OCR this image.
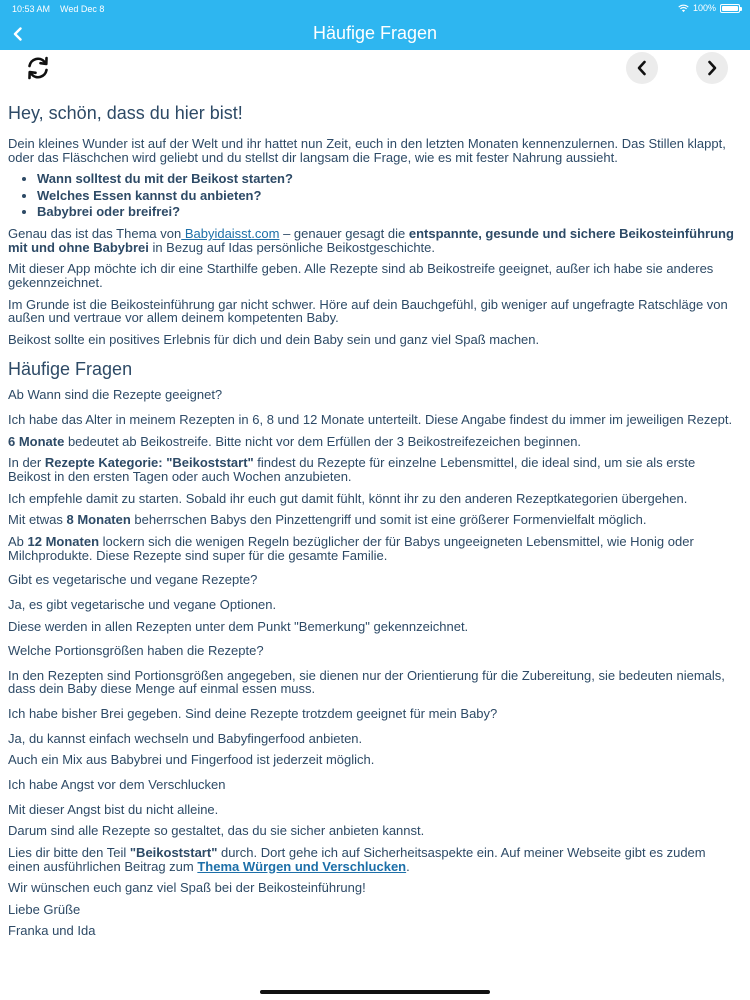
10:53 AM Wed Dec 8	100%
Häufige Fragen
Hey, schön, dass du hier bist!

Dein kleines Wunder ist auf der Welt und ihr hattet nun Zeit, euch in den letzten Monaten kennenzulernen. Das Stillen klappt, oder das Fläschchen wird geliebt und du stellst dir langsam die Frage, wie es mit fester Nahrung aussieht.

• Wann solltest du mit der Beikost starten?
• Welches Essen kannst du anbieten?
• Babybrei oder breifrei?

Genau das ist das Thema von Babyidaisst.com – genauer gesagt die entspannte, gesunde und sichere Beikosteinführung mit und ohne Babybrei in Bezug auf Idas persönliche Beikostgeschichte.

Mit dieser App möchte ich dir eine Starthilfe geben. Alle Rezepte sind ab Beikostreife geeignet, außer ich habe sie anderes gekennzeichnet.

Im Grunde ist die Beikosteinführung gar nicht schwer. Höre auf dein Bauchgefühl, gib weniger auf ungefragte Ratschläge von außen und vertraue vor allem deinem kompetenten Baby.

Beikost sollte ein positives Erlebnis für dich und dein Baby sein und ganz viel Spaß machen.

Häufige Fragen

Ab Wann sind die Rezepte geeignet?

Ich habe das Alter in meinem Rezepten in 6, 8 und 12 Monate unterteilt. Diese Angabe findest du immer im jeweiligen Rezept.

6 Monate bedeutet ab Beikostreife. Bitte nicht vor dem Erfüllen der 3 Beikostreifezeichen beginnen.

In der Rezepte Kategorie: "Beikoststart" findest du Rezepte für einzelne Lebensmittel, die ideal sind, um sie als erste Beikost in den ersten Tagen oder auch Wochen anzubieten.

Ich empfehle damit zu starten. Sobald ihr euch gut damit fühlt, könnt ihr zu den anderen Rezeptkategorien übergehen.

Mit etwas 8 Monaten beherrschen Babys den Pinzettengriff und somit ist eine größerer Formenvielfalt möglich.

Ab 12 Monaten lockern sich die wenigen Regeln bezüglicher der für Babys ungeeigneten Lebensmittel, wie Honig oder Milchprodukte. Diese Rezepte sind super für die gesamte Familie.

Gibt es vegetarische und vegane Rezepte?

Ja, es gibt vegetarische und vegane Optionen.

Diese werden in allen Rezepten unter dem Punkt "Bemerkung" gekennzeichnet.

Welche Portionsgrößen haben die Rezepte?

In den Rezepten sind Portionsgrößen angegeben, sie dienen nur der Orientierung für die Zubereitung, sie bedeuten niemals, dass dein Baby diese Menge auf einmal essen muss.

Ich habe bisher Brei gegeben. Sind deine Rezepte trotzdem geeignet für mein Baby?

Ja, du kannst einfach wechseln und Babyfingerfood anbieten.

Auch ein Mix aus Babybrei und Fingerfood ist jederzeit möglich.

Ich habe Angst vor dem Verschlucken

Mit dieser Angst bist du nicht alleine.

Darum sind alle Rezepte so gestaltet, das du sie sicher anbieten kannst.

Lies dir bitte den Teil "Beikoststart" durch. Dort gehe ich auf Sicherheitsaspekte ein. Auf meiner Webseite gibt es zudem einen ausführlichen Beitrag zum Thema Würgen und Verschlucken.

Wir wünschen euch ganz viel Spaß bei der Beikosteinführung!

Liebe Grüße

Franka und Ida
